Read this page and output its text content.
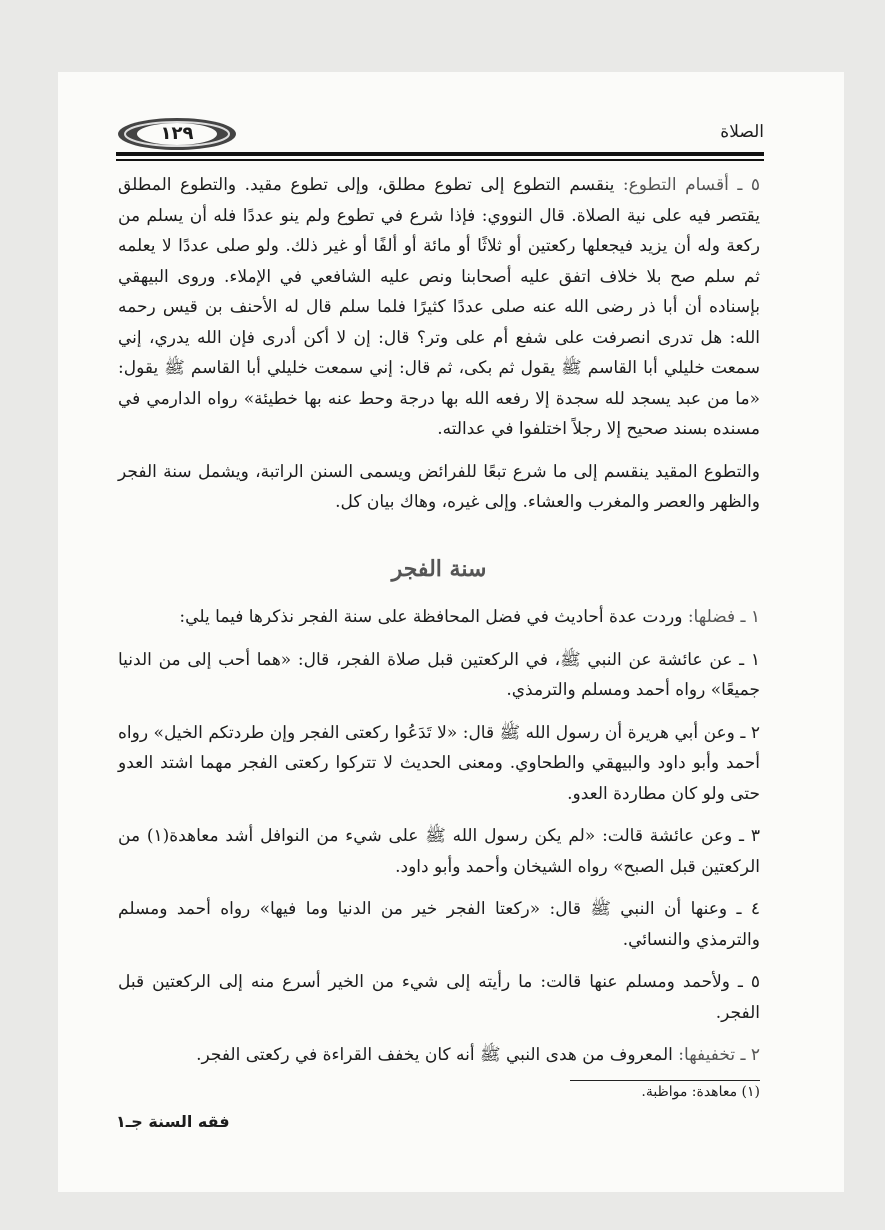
١٢٩	الصلاة

٥ ـ أقسام التطوع: ينقسم التطوع إلى تطوع مطلق، وإلى تطوع مقيد. والتطوع المطلق يقتصر فيه على نية الصلاة. قال النووي: فإذا شرع في تطوع ولم ينو عددًا فله أن يسلم من ركعة وله أن يزيد فيجعلها ركعتين أو ثلاثًا أو مائة أو ألفًا أو غير ذلك. ولو صلى عددًا لا يعلمه ثم سلم صح بلا خلاف اتفق عليه أصحابنا ونص عليه الشافعي في الإملاء. وروى البيهقي بإسناده أن أبا ذر رضى الله عنه صلى عددًا كثيرًا فلما سلم قال له الأحنف بن قيس رحمه الله: هل تدرى انصرفت على شفع أم على وتر؟ قال: إن لا أكن أدرى فإن الله يدري، إني سمعت خليلي أبا القاسم ﷺ يقول ثم بكى، ثم قال: إني سمعت خليلي أبا القاسم ﷺ يقول: «ما من عبد يسجد لله سجدة إلا رفعه الله بها درجة وحط عنه بها خطيئة» رواه الدارمي في مسنده بسند صحيح إلا رجلاً اختلفوا في عدالته.

والتطوع المقيد ينقسم إلى ما شرع تبعًا للفرائض ويسمى السنن الراتبة، ويشمل سنة الفجر والظهر والعصر والمغرب والعشاء. وإلى غيره، وهاك بيان كل.

سنة الفجر

١ ـ فضلها: وردت عدة أحاديث في فضل المحافظة على سنة الفجر نذكرها فيما يلي:

١ ـ عن عائشة عن النبي ﷺ، في الركعتين قبل صلاة الفجر، قال: «هما أحب إلى من الدنيا جميعًا» رواه أحمد ومسلم والترمذي.

٢ ـ وعن أبي هريرة أن رسول الله ﷺ قال: «لا تَدَعُوا ركعتى الفجر وإن طردتكم الخيل» رواه أحمد وأبو داود والبيهقي والطحاوي. ومعنى الحديث لا تتركوا ركعتى الفجر مهما اشتد العدو حتى ولو كان مطاردة العدو.

٣ ـ وعن عائشة قالت: «لم يكن رسول الله ﷺ على شيء من النوافل أشد معاهدة(١) من الركعتين قبل الصبح» رواه الشيخان وأحمد وأبو داود.

٤ ـ وعنها أن النبي ﷺ قال: «ركعتا الفجر خير من الدنيا وما فيها» رواه أحمد ومسلم والترمذي والنسائي.

٥ ـ ولأحمد ومسلم عنها قالت: ما رأيته إلى شيء من الخير أسرع منه إلى الركعتين قبل الفجر.

٢ ـ تخفيفها: المعروف من هدى النبي ﷺ أنه كان يخفف القراءة في ركعتى الفجر.

(١) معاهدة: مواظبة.
فقه السنة جـ١
